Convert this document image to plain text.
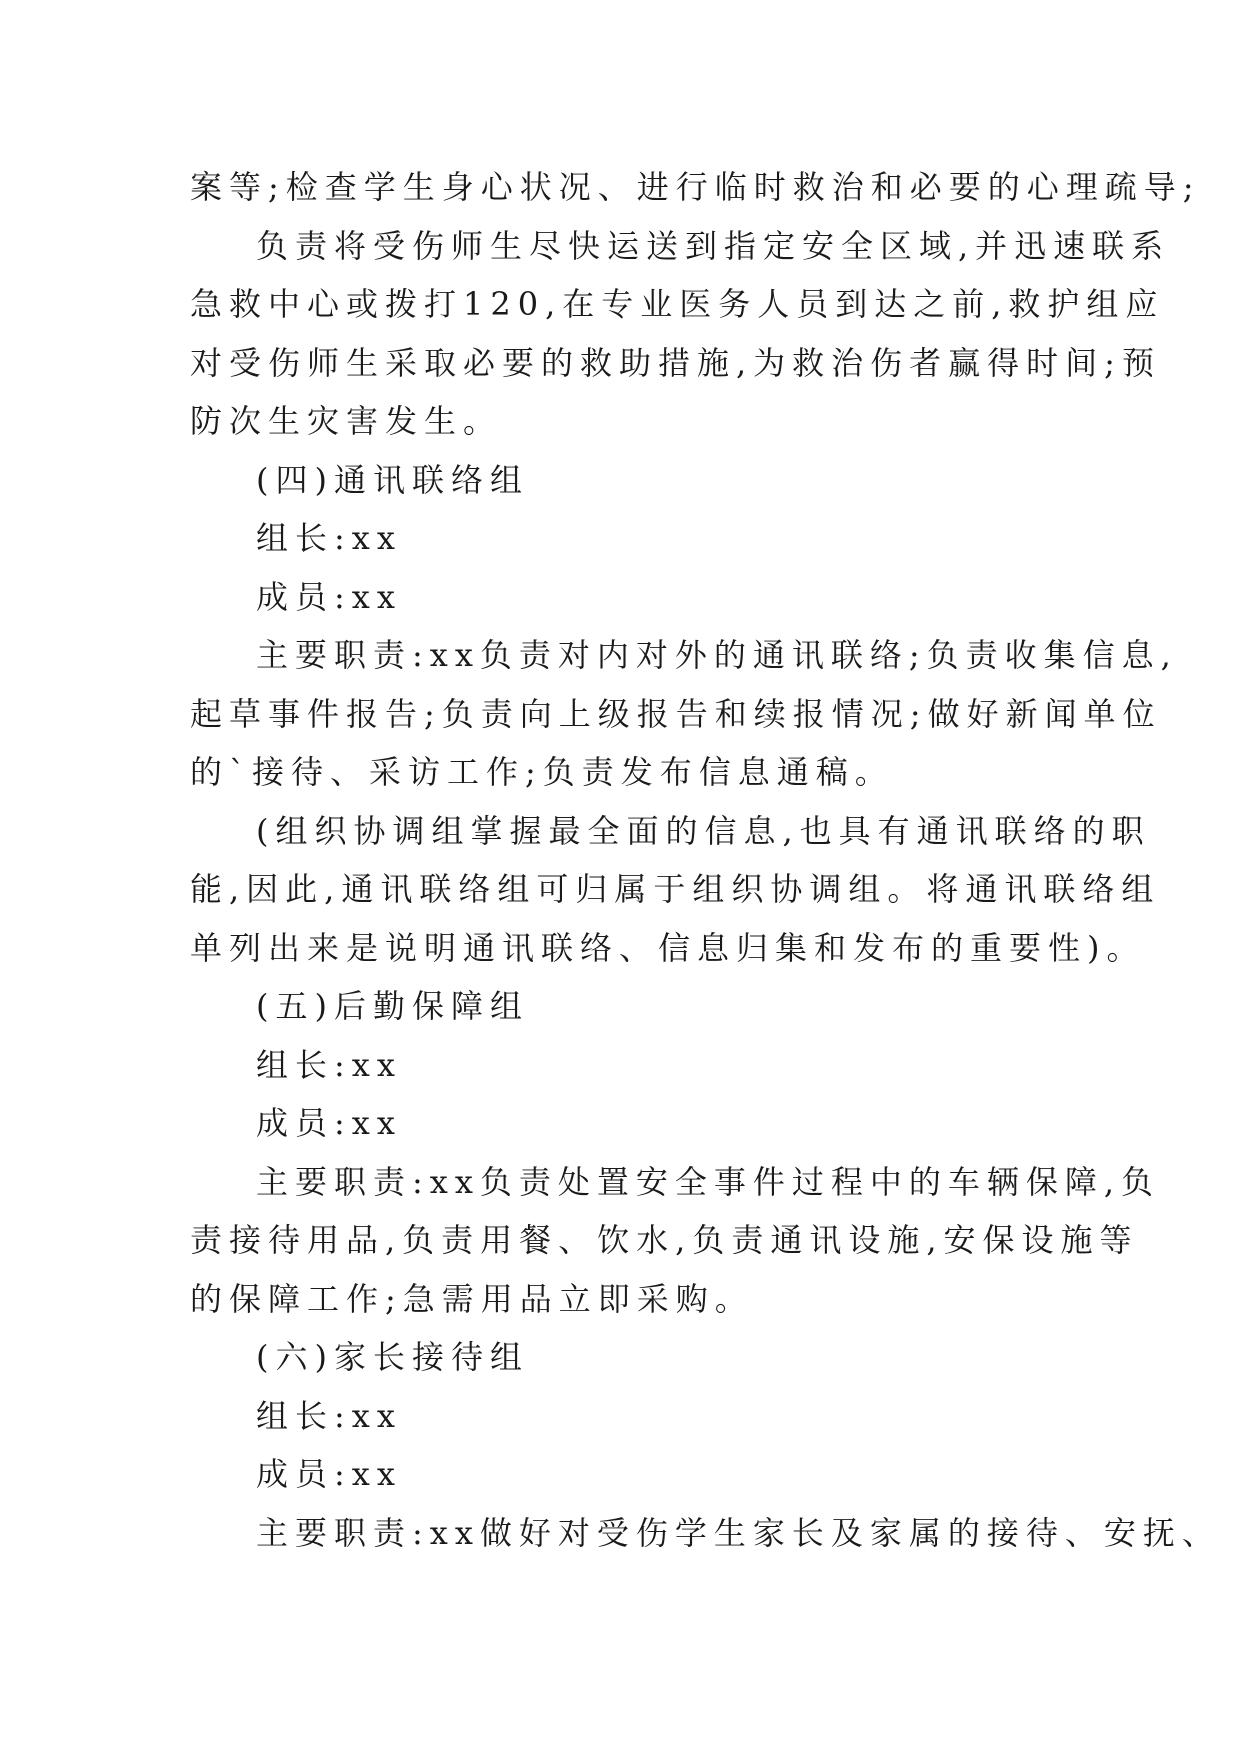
案等;检查学生身心状况、进行临时救治和必要的心理疏导;
负责将受伤师生尽快运送到指定安全区域,并迅速联系
急救中心或拨打120,在专业医务人员到达之前,救护组应
对受伤师生采取必要的救助措施,为救治伤者赢得时间;预
防次生灾害发生。
(四)通讯联络组
组长:xx
成员:xx
主要职责:xx负责对内对外的通讯联络;负责收集信息,
起草事件报告;负责向上级报告和续报情况;做好新闻单位
的`接待、采访工作;负责发布信息通稿。
(组织协调组掌握最全面的信息,也具有通讯联络的职
能,因此,通讯联络组可归属于组织协调组。将通讯联络组
单列出来是说明通讯联络、信息归集和发布的重要性)。
(五)后勤保障组
组长:xx
成员:xx
主要职责:xx负责处置安全事件过程中的车辆保障,负
责接待用品,负责用餐、饮水,负责通讯设施,安保设施等
的保障工作;急需用品立即采购。
(六)家长接待组
组长:xx
成员:xx
主要职责:xx做好对受伤学生家长及家属的接待、安抚、
